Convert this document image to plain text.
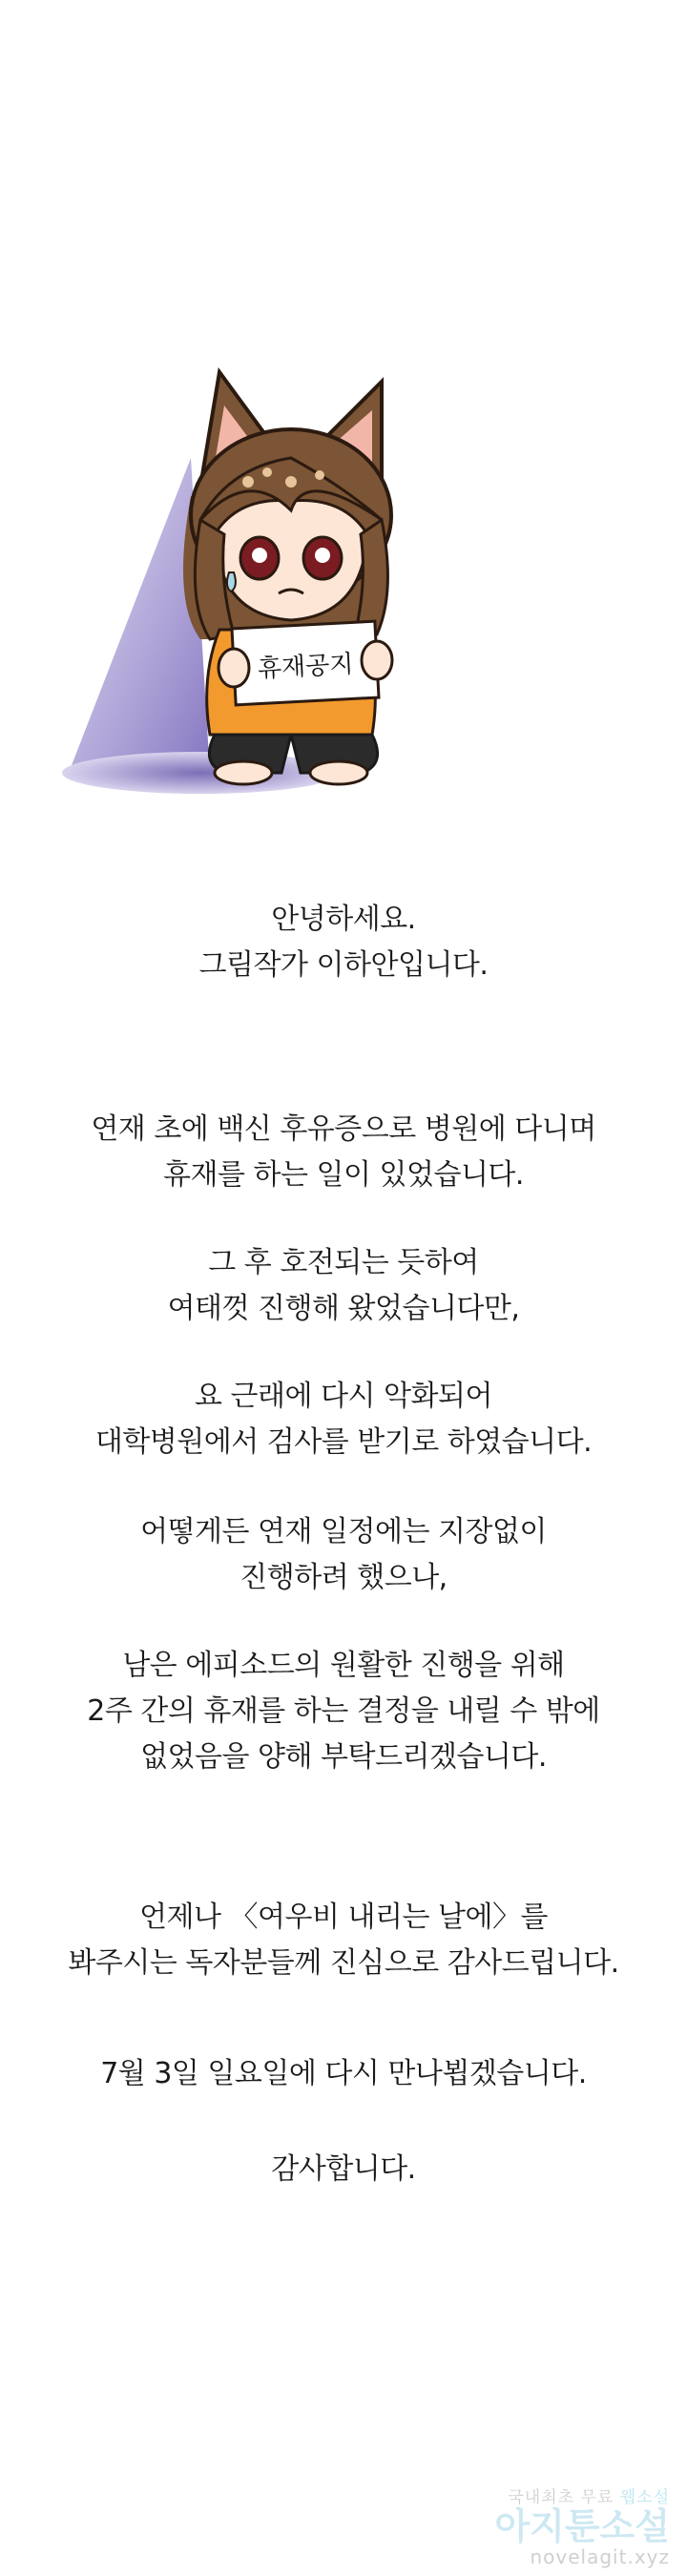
휴재공지

안녕하세요.

그림작가 이하안입니다.

연재 초에 백신 후유증으로 병원에 다니며

휴재를 하는 일이 있었습니다.

그 후 호전되는 듯하여

여태껏 진행해 왔었습니다만,

요 근래에 다시 악화되어

대학병원에서 검사를 받기로 하였습니다.

어떻게든 연재 일정에는 지장없이

진행하려 했으나,

남은 에피소드의 원활한 진행을 위해

2주 간의 휴재를 하는 결정을 내릴 수 밖에

없었음을 양해 부탁드리겠습니다.

언제나 〈여우비 내리는 날에〉를

봐주시는 독자분들께 진심으로 감사드립니다.

7월 3일 일요일에 다시 만나뵙겠습니다.

감사합니다.

국내최초 무료 웹소설
아지툰소설
novelagit.xyz
